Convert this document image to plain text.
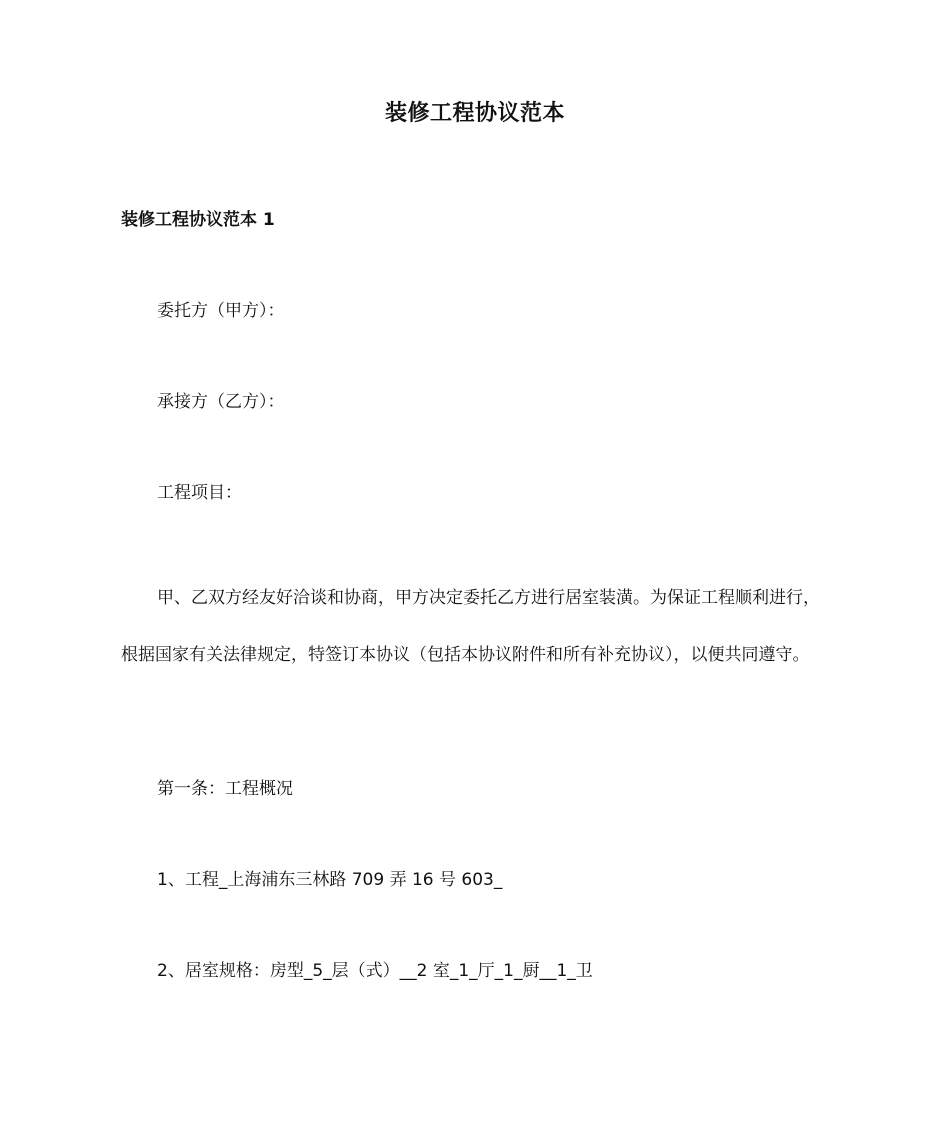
装修工程协议范本
装修工程协议范本 1
委托方（甲方）：
承接方（乙方）：
工程项目：

甲、乙双方经友好洽谈和协商，甲方决定委托乙方进行居室装潢。为保证工程顺利进行，根据国家有关法律规定，特签订本协议（包括本协议附件和所有补充协议），以便共同遵守。

第一条：工程概况
1、工程_上海浦东三林路 709 弄 16 号 603_
2、居室规格：房型_5_层（式）__2 室_1_厅_1_厨__1_卫
